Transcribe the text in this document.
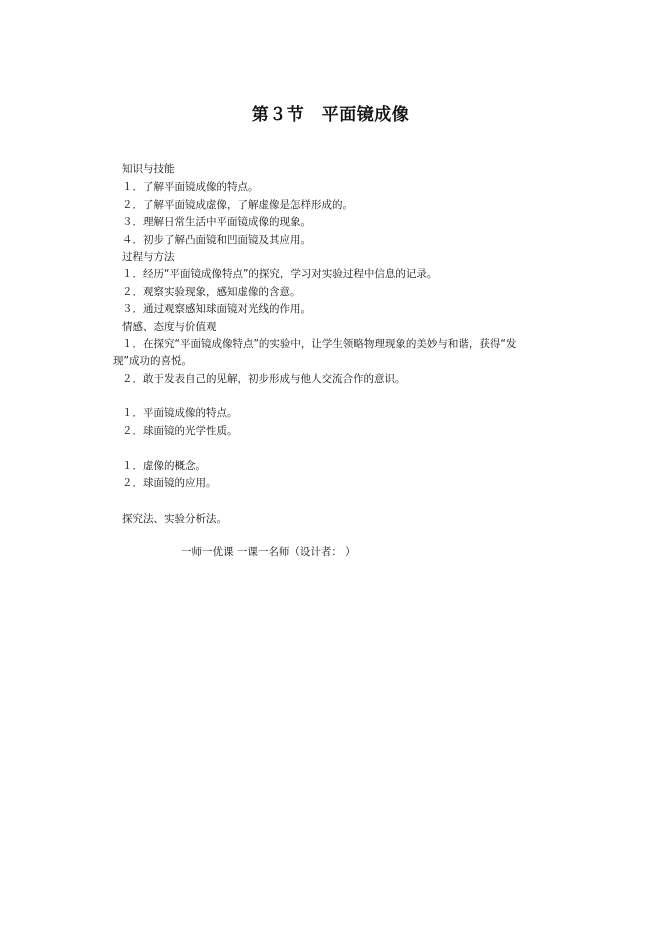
第３节　平面镜成像
知识与技能
１．了解平面镜成像的特点。
２．了解平面镜成虚像，了解虚像是怎样形成的。
３．理解日常生活中平面镜成像的现象。
４．初步了解凸面镜和凹面镜及其应用。
过程与方法
１．经历“平面镜成像特点”的探究，学习对实验过程中信息的记录。
２．观察实验现象，感知虚像的含意。
３．通过观察感知球面镜对光线的作用。
情感、态度与价值观
１．在探究“平面镜成像特点”的实验中，让学生领略物理现象的美妙与和谐，获得“发
现”成功的喜悦。
２．敢于发表自己的见解，初步形成与他人交流合作的意识。
１．平面镜成像的特点。
２．球面镜的光学性质。
１．虚像的概念。
２．球面镜的应用。
探究法、实验分析法。
一师一优课 一课一名师（设计者： ）
